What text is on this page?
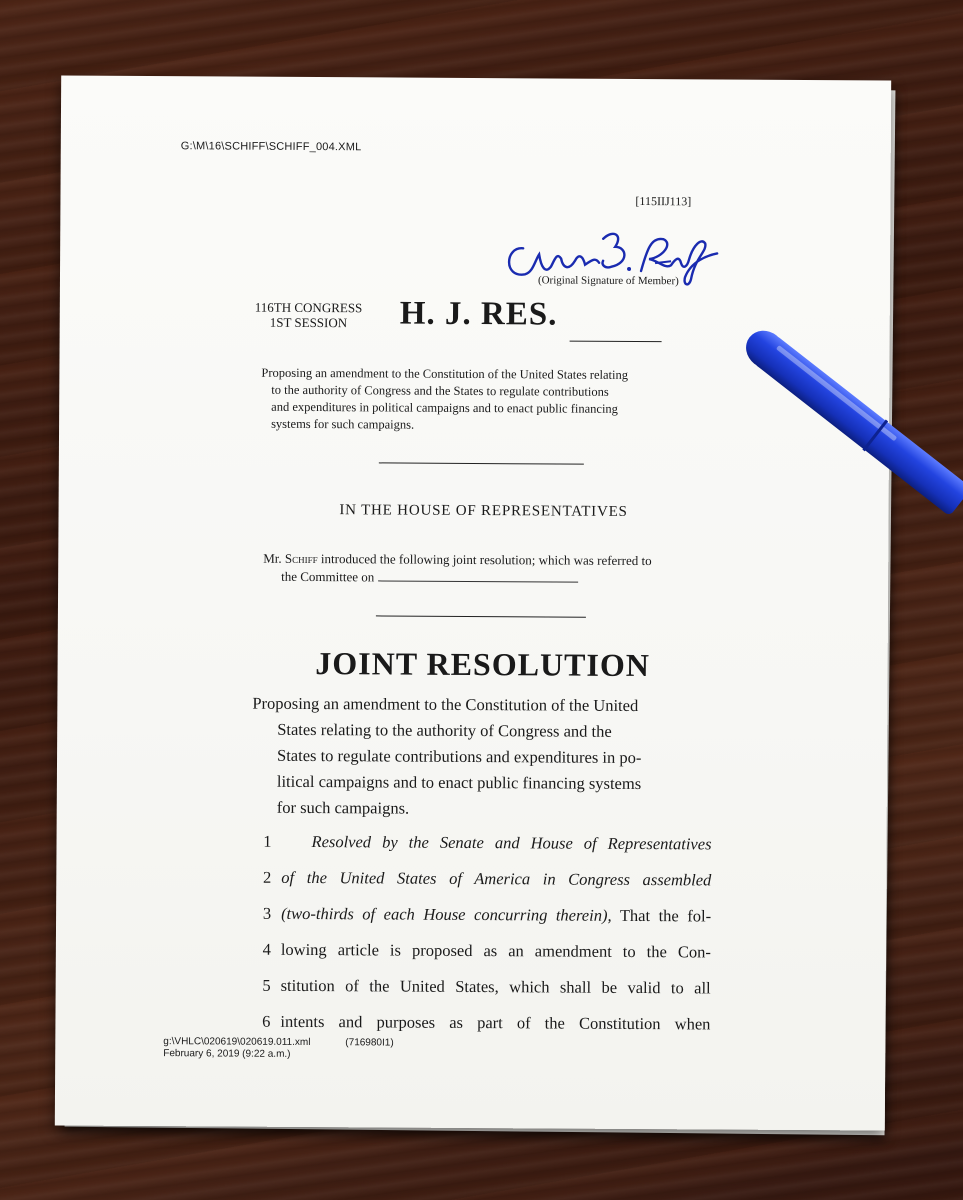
G:\M\16\SCHIFF\SCHIFF_004.XML
[115IIJ113]
(Original Signature of Member)
116TH CONGRESS
1ST SESSION	H. J. RES.
Proposing an amendment to the Constitution of the United States relating
to the authority of Congress and the States to regulate contributions
and expenditures in political campaigns and to enact public financing
systems for such campaigns.
IN THE HOUSE OF REPRESENTATIVES
Mr. Schiff introduced the following joint resolution; which was referred to
the Committee on
JOINT RESOLUTION
Proposing an amendment to the Constitution of the United
States relating to the authority of Congress and the
States to regulate contributions and expenditures in po-
litical campaigns and to enact public financing systems
for such campaigns.
1 Resolved by the Senate and House of Representatives
2 of the United States of America in Congress assembled
3 (two-thirds of each House concurring therein), That the fol-
4 lowing article is proposed as an amendment to the Con-
5 stitution of the United States, which shall be valid to all
6 intents and purposes as part of the Constitution when
g:\VHLC\020619\020619.011.xml
February 6, 2019 (9:22 a.m.)
(716980I1)
